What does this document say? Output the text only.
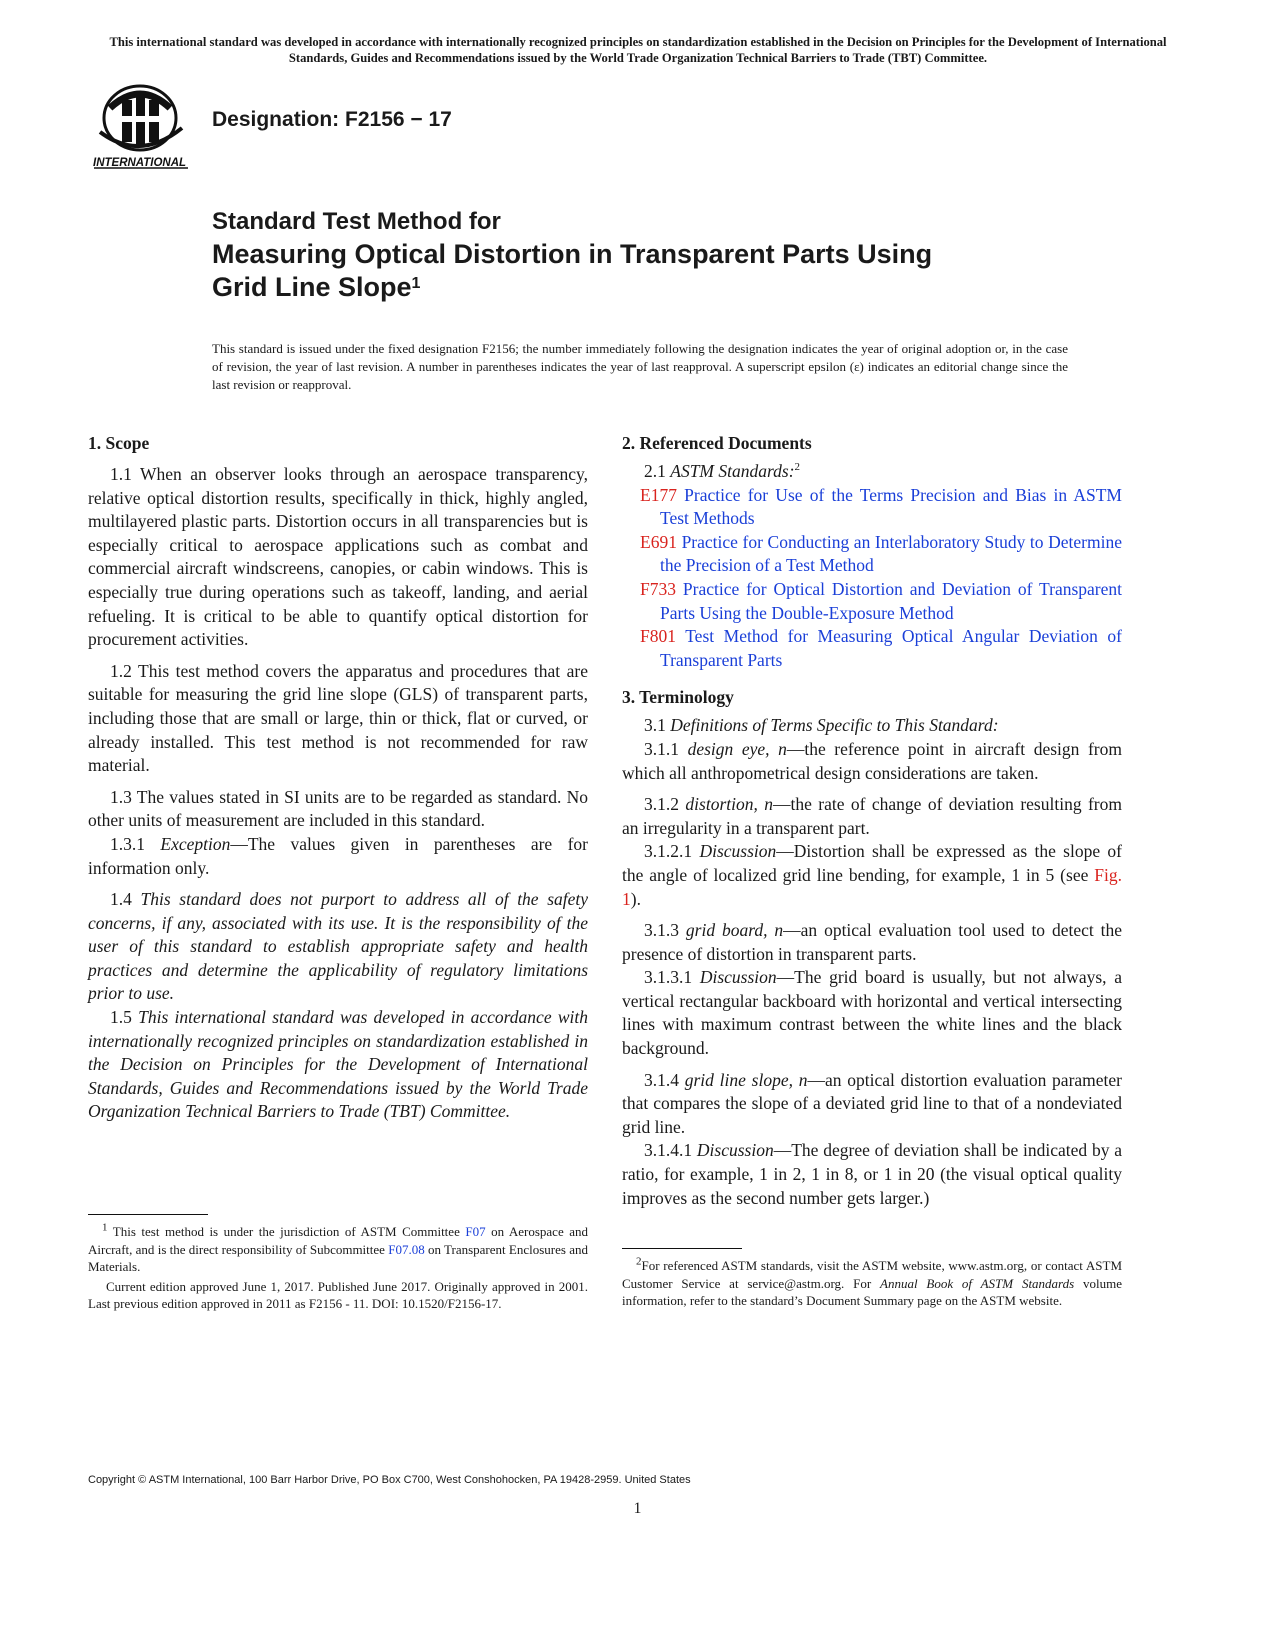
This international standard was developed in accordance with internationally recognized principles on standardization established in the Decision on Principles for the Development of International Standards, Guides and Recommendations issued by the World Trade Organization Technical Barriers to Trade (TBT) Committee.
INTERNATIONAL
Designation: F2156 − 17
Standard Test Method for
Measuring Optical Distortion in Transparent Parts Using
Grid Line Slope$^1$
This standard is issued under the fixed designation F2156; the number immediately following the designation indicates the year of original adoption or, in the case of revision, the year of last revision. A number in parentheses indicates the year of last reapproval. A superscript epsilon (ε) indicates an editorial change since the last revision or reapproval.
1. Scope

1.1 When an observer looks through an aerospace transparency, relative optical distortion results, specifically in thick, highly angled, multilayered plastic parts. Distortion occurs in all transparencies but is especially critical to aerospace applications such as combat and commercial aircraft windscreens, canopies, or cabin windows. This is especially true during operations such as takeoff, landing, and aerial refueling. It is critical to be able to quantify optical distortion for procurement activities.

1.2 This test method covers the apparatus and procedures that are suitable for measuring the grid line slope (GLS) of transparent parts, including those that are small or large, thin or thick, flat or curved, or already installed. This test method is not recommended for raw material.

1.3 The values stated in SI units are to be regarded as standard. No other units of measurement are included in this standard.

1.3.1 Exception—The values given in parentheses are for information only.

1.4 This standard does not purport to address all of the safety concerns, if any, associated with its use. It is the responsibility of the user of this standard to establish appropriate safety and health practices and determine the applicability of regulatory limitations prior to use.

1.5 This international standard was developed in accordance with internationally recognized principles on standardization established in the Decision on Principles for the Development of International Standards, Guides and Recommendations issued by the World Trade Organization Technical Barriers to Trade (TBT) Committee.

$^1$ This test method is under the jurisdiction of ASTM Committee F07 on Aerospace and Aircraft, and is the direct responsibility of Subcommittee F07.08 on Transparent Enclosures and Materials.

Current edition approved June 1, 2017. Published June 2017. Originally approved in 2001. Last previous edition approved in 2011 as F2156 - 11. DOI: 10.1520/F2156-17.

2. Referenced Documents

2.1 ASTM Standards:$^2$

E177 Practice for Use of the Terms Precision and Bias in ASTM Test Methods

E691 Practice for Conducting an Interlaboratory Study to Determine the Precision of a Test Method

F733 Practice for Optical Distortion and Deviation of Transparent Parts Using the Double-Exposure Method

F801 Test Method for Measuring Optical Angular Deviation of Transparent Parts

3. Terminology

3.1 Definitions of Terms Specific to This Standard:

3.1.1 design eye, n—the reference point in aircraft design from which all anthropometrical design considerations are taken.

3.1.2 distortion, n—the rate of change of deviation resulting from an irregularity in a transparent part.

3.1.2.1 Discussion—Distortion shall be expressed as the slope of the angle of localized grid line bending, for example, 1 in 5 (see Fig. 1).

3.1.3 grid board, n—an optical evaluation tool used to detect the presence of distortion in transparent parts.

3.1.3.1 Discussion—The grid board is usually, but not always, a vertical rectangular backboard with horizontal and vertical intersecting lines with maximum contrast between the white lines and the black background.

3.1.4 grid line slope, n—an optical distortion evaluation parameter that compares the slope of a deviated grid line to that of a nondeviated grid line.

3.1.4.1 Discussion—The degree of deviation shall be indicated by a ratio, for example, 1 in 2, 1 in 8, or 1 in 20 (the visual optical quality improves as the second number gets larger.)

$^2$For referenced ASTM standards, visit the ASTM website, www.astm.org, or contact ASTM Customer Service at service@astm.org. For Annual Book of ASTM Standards volume information, refer to the standard’s Document Summary page on the ASTM website.

Copyright © ASTM International, 100 Barr Harbor Drive, PO Box C700, West Conshohocken, PA 19428-2959. United States
1
